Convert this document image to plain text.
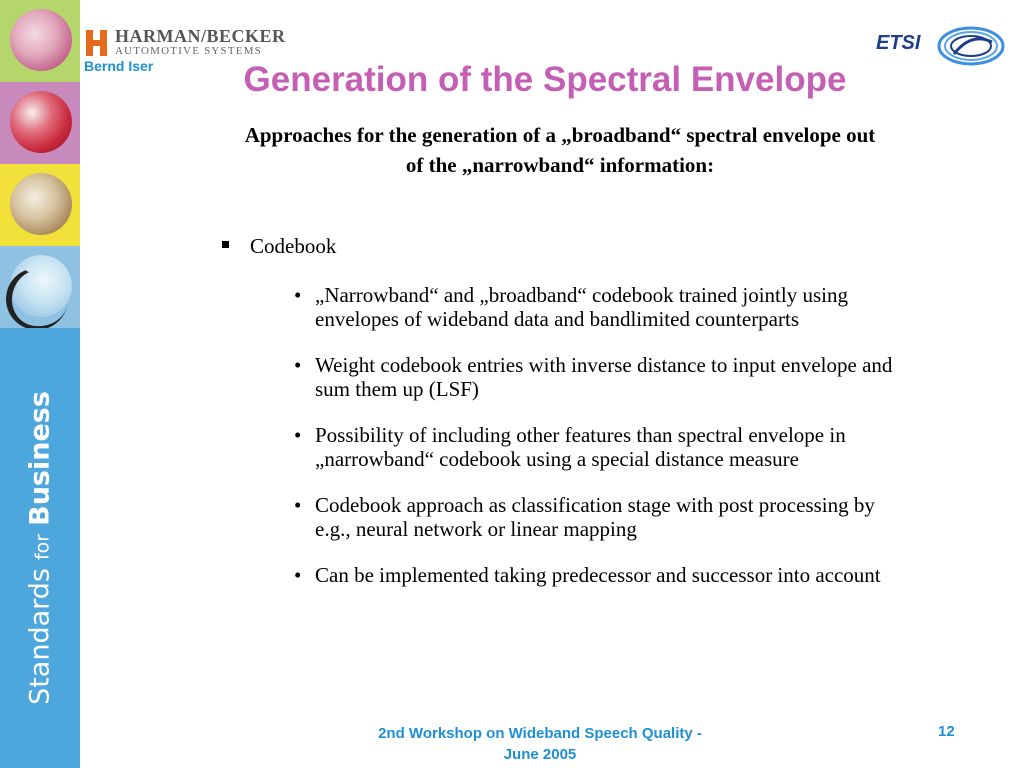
StandardsforBusiness
HARMAN/BECKER
AUTOMOTIVE SYSTEMS
Bernd Iser
ETSI
Generation of the Spectral Envelope
Approaches for the generation of a „broadband“ spectral envelope out of the „narrowband“ information:
Codebook
• „Narrowband“ and „broadband“ codebook trained jointly using envelopes of wideband data and bandlimited counterparts
• Weight codebook entries with inverse distance to input envelope and sum them up (LSF)
• Possibility of including other features than spectral envelope in „narrowband“ codebook using a special distance measure
• Codebook approach as classification stage with post processing by e.g., neural network or linear mapping
• Can be implemented taking predecessor and successor into account
2nd Workshop on Wideband Speech Quality - June 2005
12
